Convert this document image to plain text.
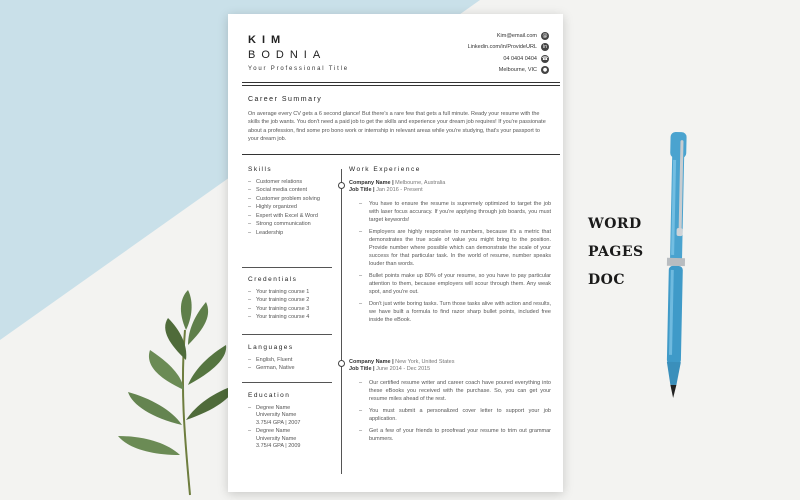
WORD
PAGES
DOC
KIM
BODNIA
Your Professional Title
Kim@email.com	@
Linkedin.com/in/ProvideURL	in
04 0404 0404 ☎
Melbourne, VIC	●
Career Summary
On average every CV gets a 6 second glance! But there's a rare few that gets a full minute. Ready your resume with the skills the job wants. You don't need a paid job to get the skills and experience your dream job requires! If you're passionate about a profession, find some pro bono work or internship in relevant areas while you're studying, that's your passport to your dream job.
Skills
– Customer relations
– Social media content
– Customer problem solving
– Highly organized
– Expert with Excel & Word
– Strong communication
– Leadership
Credentials
– Your training course 1
– Your training course 2
– Your training course 3
– Your training course 4
Languages
– English, Fluent
– German, Native
Education
– Degree Name
University Name
3.75/4 GPA | 2007
– Degree Name
University Name
3.75/4 GPA | 2009
Work Experience
Company Name | Melbourne, Australia
Job Title | Jan 2016 - Present
– You have to ensure the resume is supremely optimized to target the job with laser focus accuracy. If you're applying through job boards, you must target keywords!
– Employers are highly responsive to numbers, because it's a metric that demonstrates the true scale of value you might bring to the position. Provide number where possible which can demonstrate the scale of your success for that particular task. In the world of resume, number speaks louder than words.
– Bullet points make up 80% of your resume, so you have to pay particular attention to them, because employers will scour through them. Any weak spot, and you're out.
– Don't just write boring tasks. Turn those tasks alive with action and results, we have built a formula to find razor sharp bullet points, included free inside the eBook.
Company Name | New York, United States
Job Title | June 2014 - Dec 2015
– Our certified resume writer and career coach have poured everything into these eBooks you received with the purchase. So, you can get your resume miles ahead of the rest.
– You must submit a personalized cover letter to support your job application.
– Get a few of your friends to proofread your resume to trim out grammar bummers.
